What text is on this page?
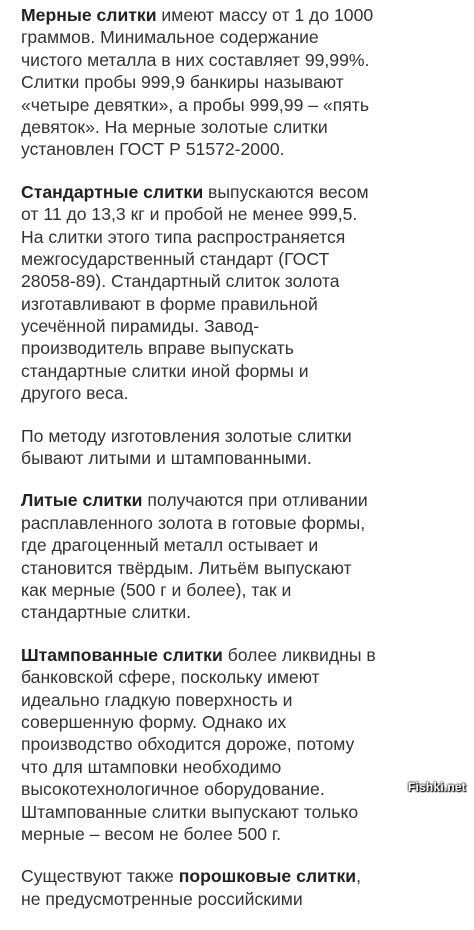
Мерные слитки имеют массу от 1 до 1000
граммов. Минимальное содержание
чистого металла в них составляет 99,99%.
Слитки пробы 999,9 банкиры называют
«четыре девятки», а пробы 999,99 – «пять
девяток». На мерные золотые слитки
установлен ГОСТ Р 51572-2000.
Стандартные слитки выпускаются весом
от 11 до 13,3 кг и пробой не менее 999,5.
На слитки этого типа распространяется
межгосударственный стандарт (ГОСТ
28058-89). Стандартный слиток золота
изготавливают в форме правильной
усечённой пирамиды. Завод-
производитель вправе выпускать
стандартные слитки иной формы и
другого веса.
По методу изготовления золотые слитки
бывают литыми и штампованными.
Литые слитки получаются при отливании
расплавленного золота в готовые формы,
где драгоценный металл остывает и
становится твёрдым. Литьём выпускают
как мерные (500 г и более), так и
стандартные слитки.
Штампованные слитки более ликвидны в
банковской сфере, поскольку имеют
идеально гладкую поверхность и
совершенную форму. Однако их
производство обходится дороже, потому
что для штамповки необходимо
высокотехнологичное оборудование.
Штампованные слитки выпускают только
мерные – весом не более 500 г.
Существуют также порошковые слитки,
не предусмотренные российскими
Fishki.net
